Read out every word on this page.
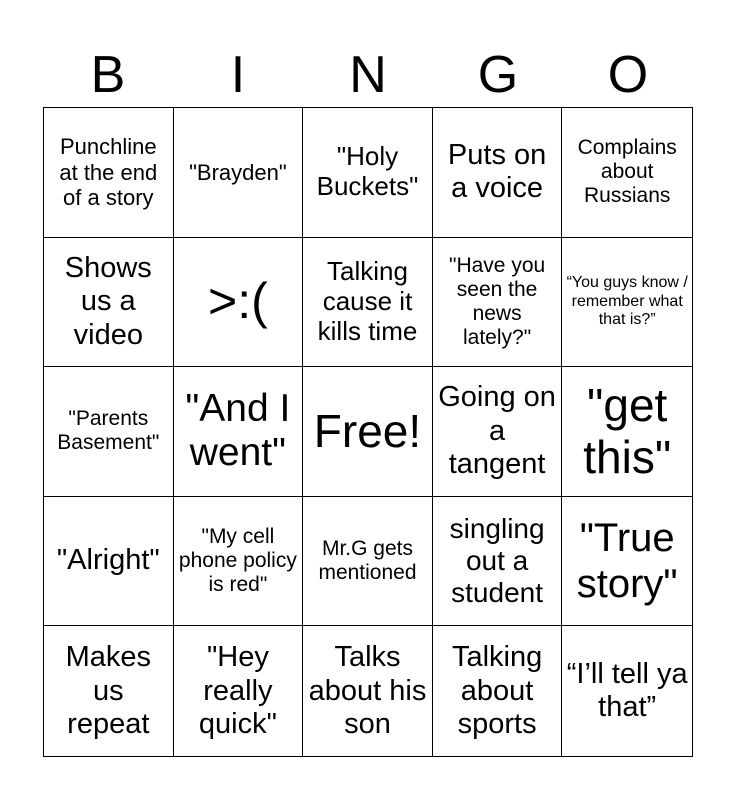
B	I	N	G	O
Punchline at the end of a story
"Brayden"
"Holy Buckets"
Puts on a voice
Complains about Russians
Shows us a video
>:(
Talking cause it kills time
"Have you seen the news lately?"
“You guys know / remember what that is?”
"Parents Basement"
"And I went" Free!
Going on a tangent
"get this"
"Alright"
"My cell phone policy is red"
Mr.G gets mentioned
singling out a student
"True story"
Makes us repeat
"Hey really quick"
Talks about his son
Talking about sports
“I’ll tell ya that”
